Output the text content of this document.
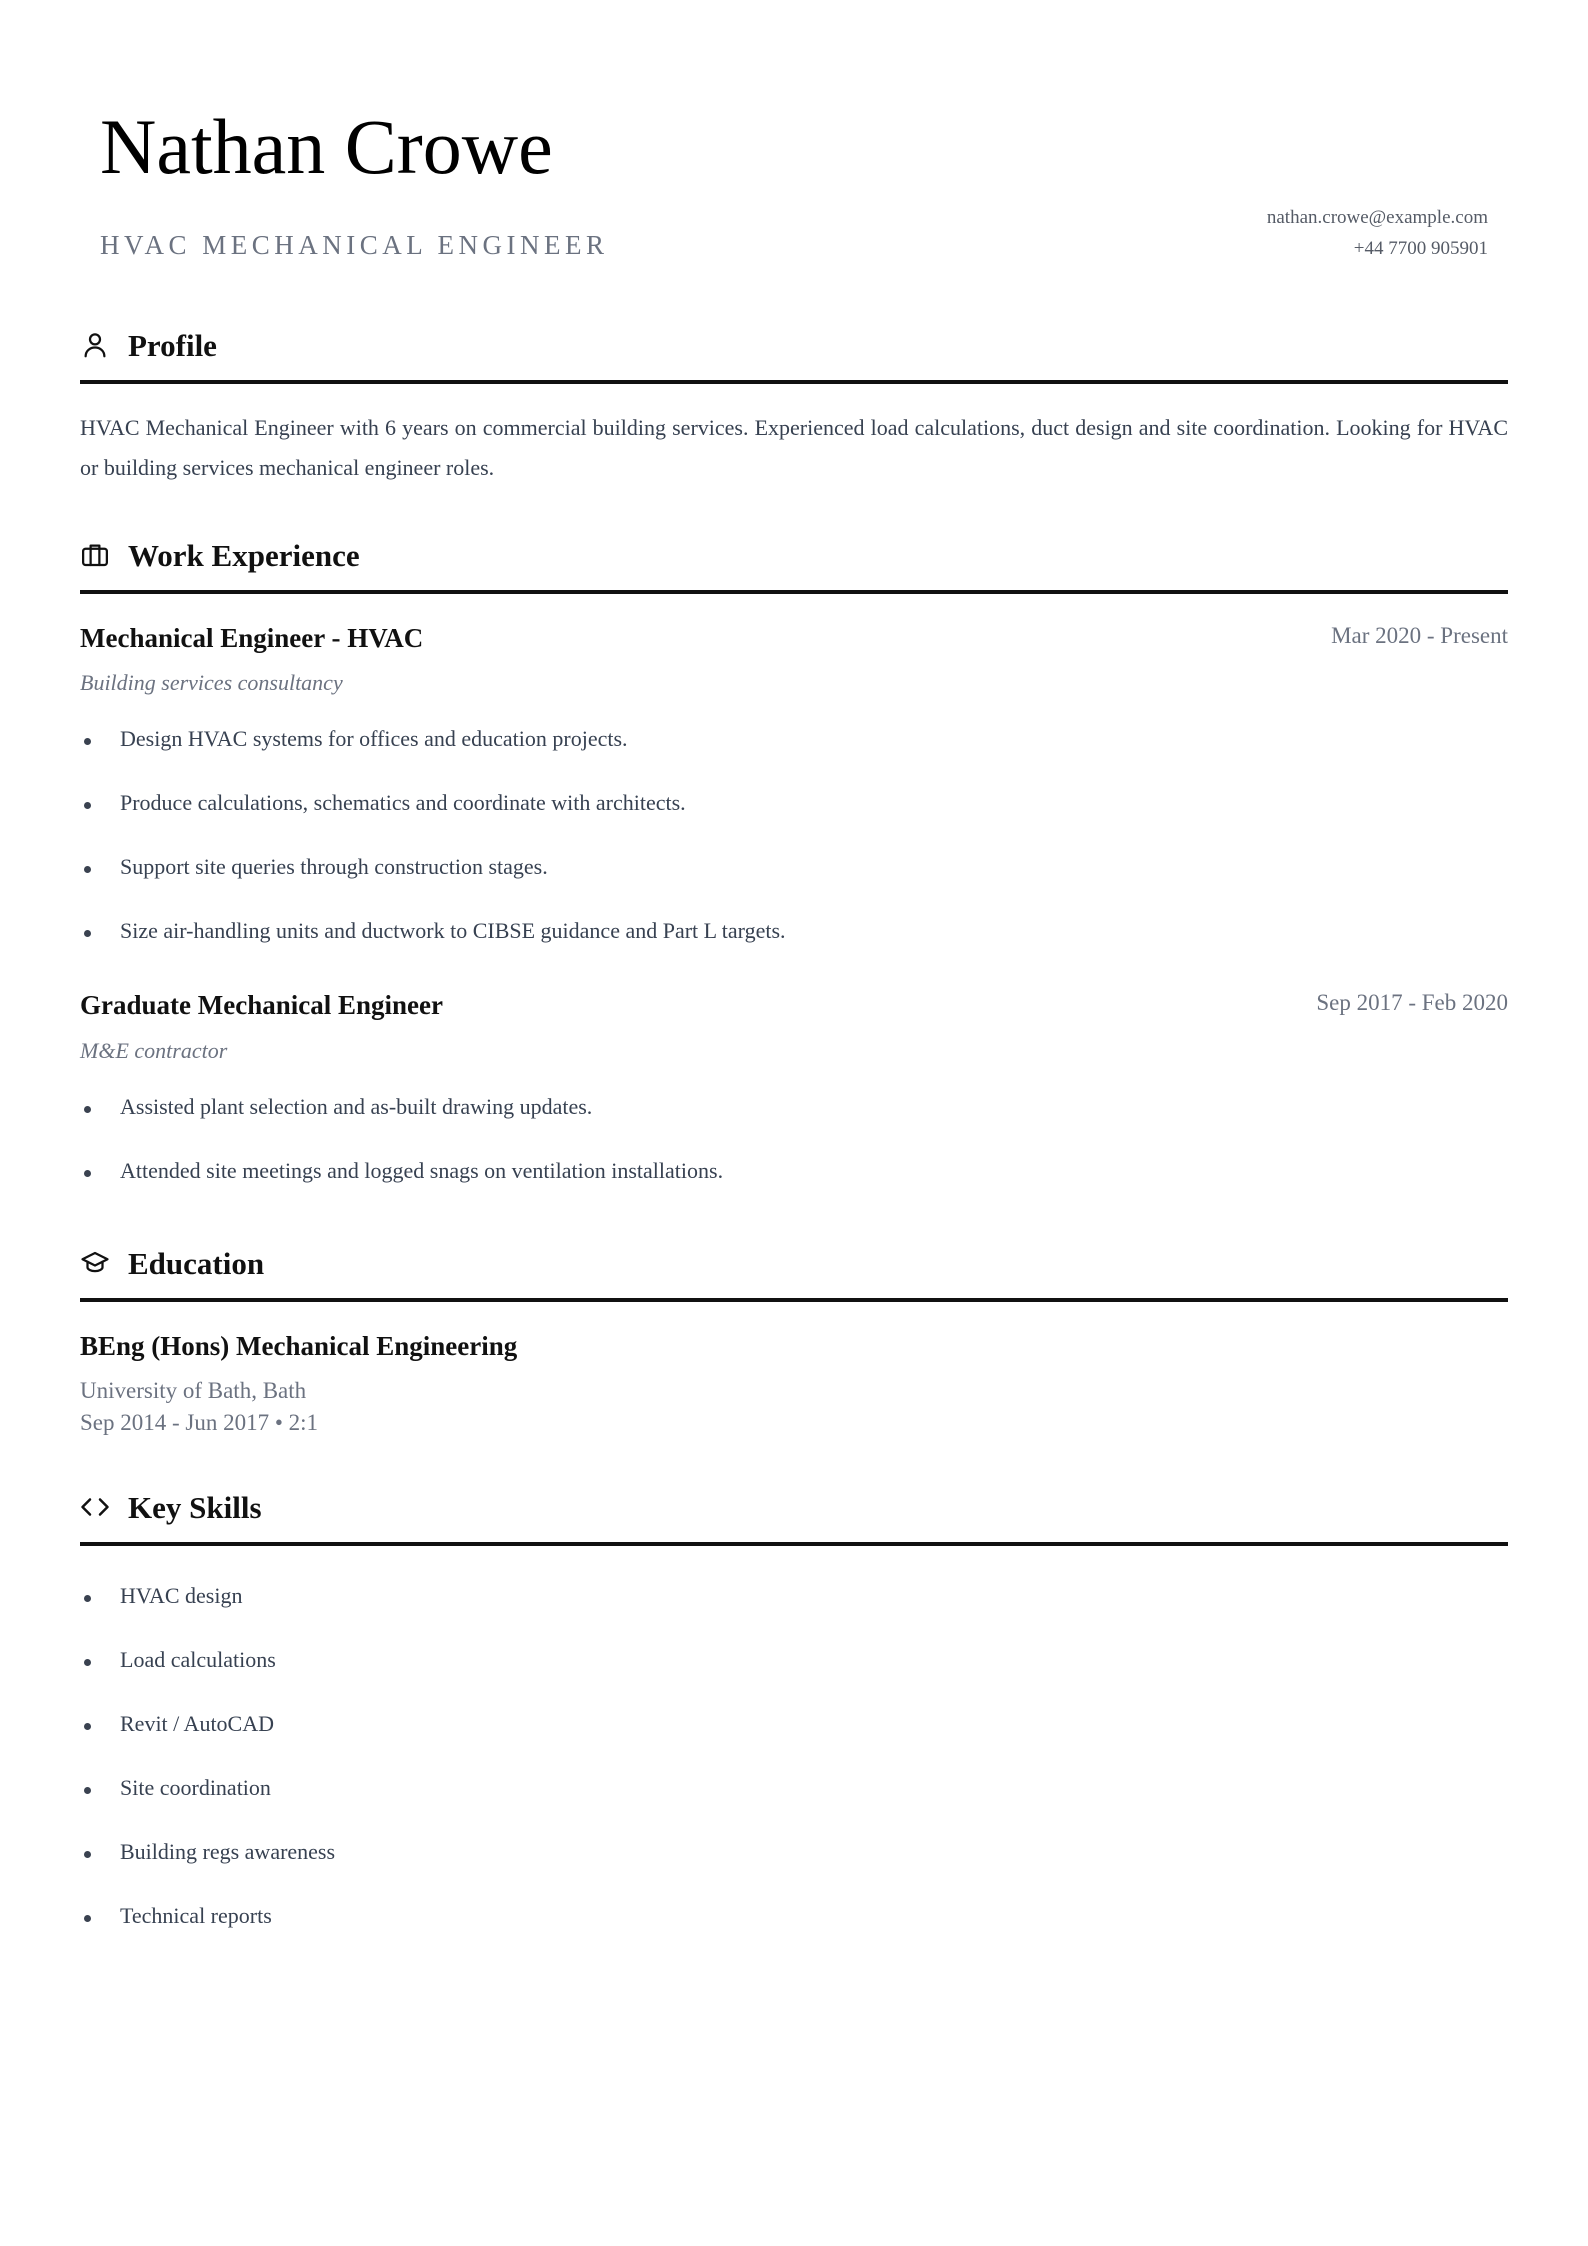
Nathan Crowe
HVAC MECHANICAL ENGINEER
nathan.crowe@example.com
+44 7700 905901
Profile
HVAC Mechanical Engineer with 6 years on commercial building services. Experienced load calculations, duct design and site coordination. Looking for HVAC or building services mechanical engineer roles.
Work Experience
Mechanical Engineer - HVAC	Mar 2020 - Present
Building services consultancy
Design HVAC systems for offices and education projects.
Produce calculations, schematics and coordinate with architects.
Support site queries through construction stages.
Size air-handling units and ductwork to CIBSE guidance and Part L targets.
Graduate Mechanical Engineer	Sep 2017 - Feb 2020
M&E contractor
Assisted plant selection and as-built drawing updates.
Attended site meetings and logged snags on ventilation installations.
Education
BEng (Hons) Mechanical Engineering
University of Bath, Bath
Sep 2014 - Jun 2017 • 2:1
Key Skills
HVAC design
Load calculations
Revit / AutoCAD
Site coordination
Building regs awareness
Technical reports
